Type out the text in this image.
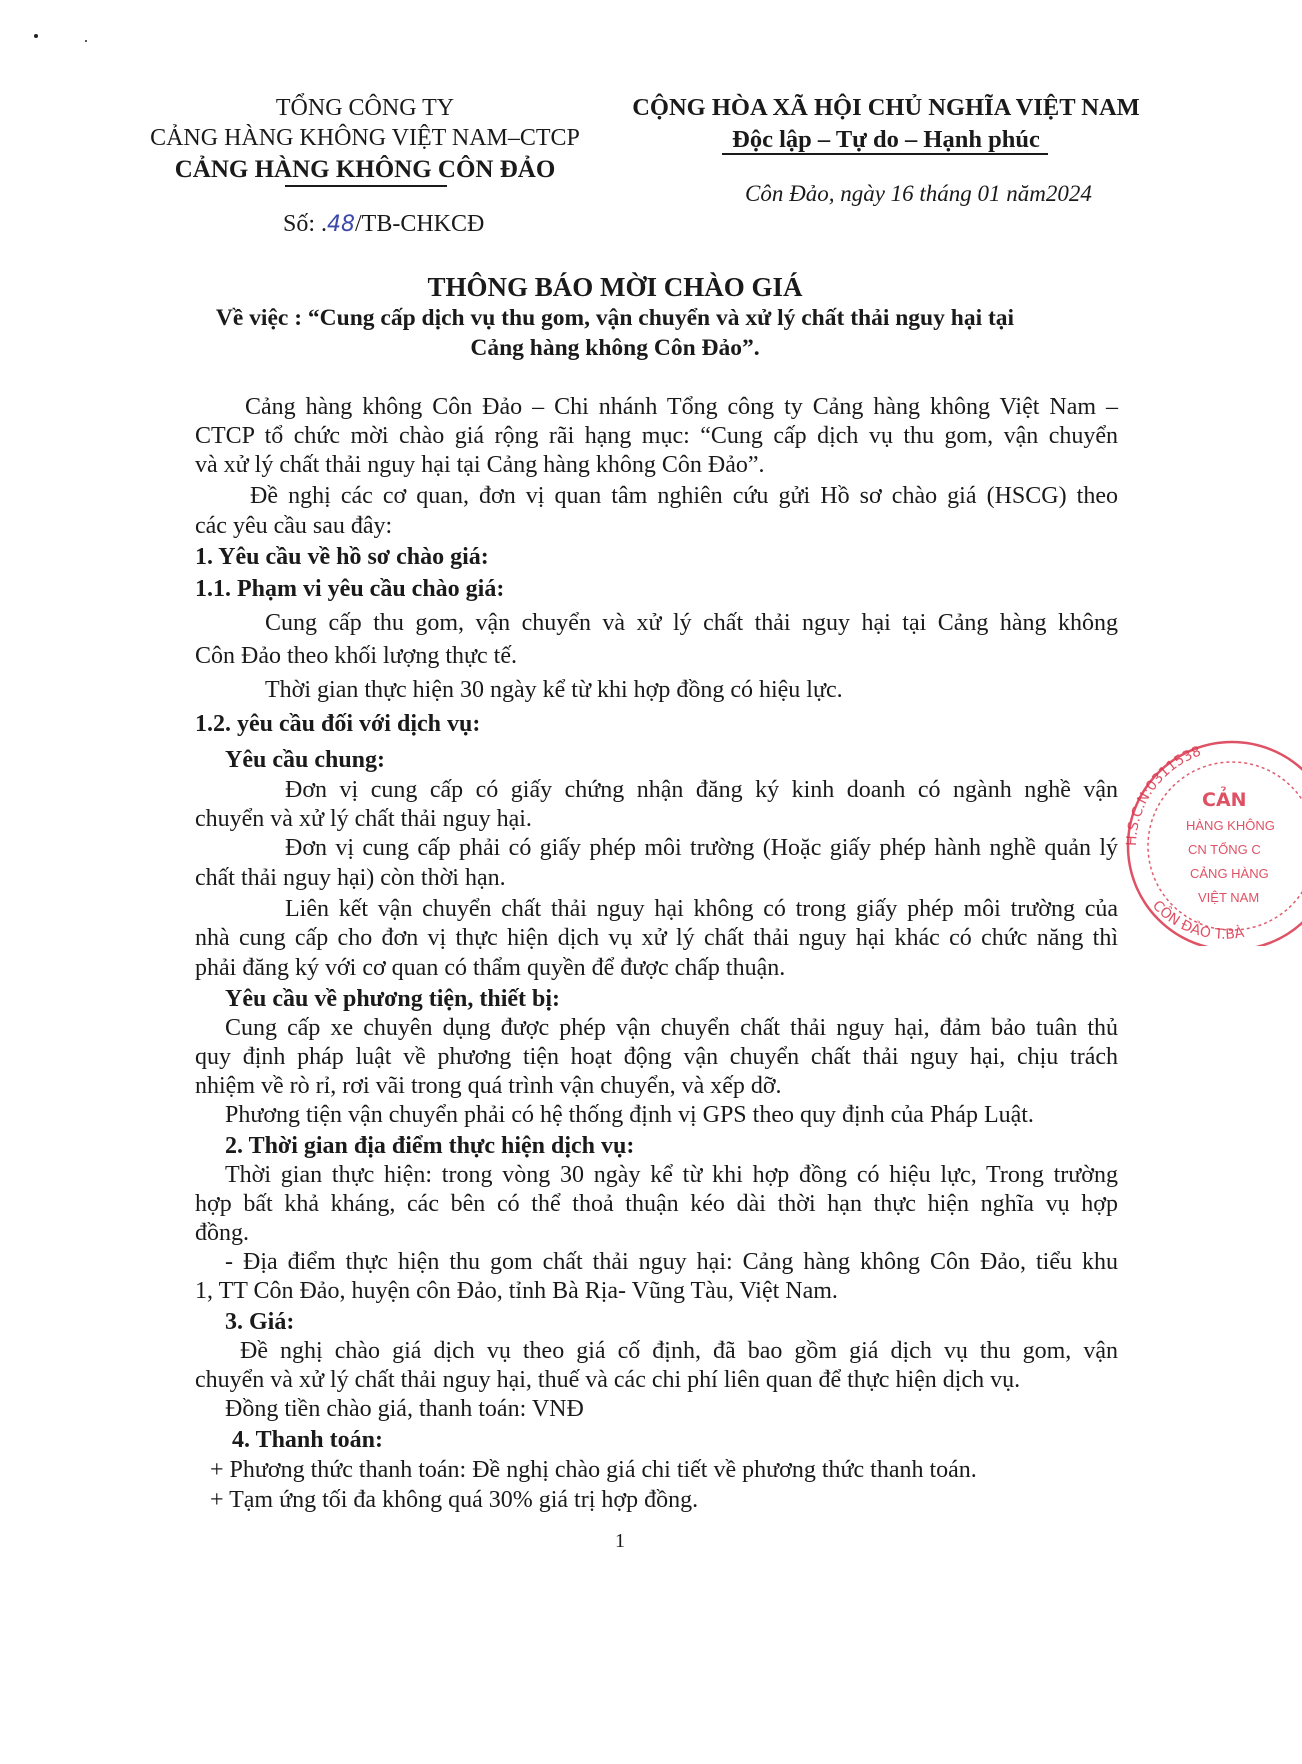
TỔNG CÔNG TY
CẢNG HÀNG KHÔNG VIỆT NAM–CTCP
CẢNG HÀNG KHÔNG CÔN ĐẢO
Số: .48/TB-CHKCĐ
CỘNG HÒA XÃ HỘI CHỦ NGHĨA VIỆT NAM
Độc lập – Tự do – Hạnh phúc
Côn Đảo, ngày 16 tháng 01 năm2024
THÔNG BÁO MỜI CHÀO GIÁ
Về việc : “Cung cấp dịch vụ thu gom, vận chuyển và xử lý chất thải nguy hại tại
Cảng hàng không Côn Đảo”.
Cảng hàng không Côn Đảo – Chi nhánh Tổng công ty Cảng hàng không Việt Nam –
CTCP tổ chức mời chào giá rộng rãi hạng mục: “Cung cấp dịch vụ thu gom, vận chuyển
và xử lý chất thải nguy hại tại Cảng hàng không Côn Đảo”.
Đề nghị các cơ quan, đơn vị quan tâm nghiên cứu gửi Hồ sơ chào giá (HSCG) theo
các yêu cầu sau đây:
1. Yêu cầu về hồ sơ chào giá:
1.1. Phạm vi yêu cầu chào giá:
Cung cấp thu gom, vận chuyển và xử lý chất thải nguy hại tại Cảng hàng không
Côn Đảo theo khối lượng thực tế.
Thời gian thực hiện 30 ngày kể từ khi hợp đồng có hiệu lực.
1.2. yêu cầu đối với dịch vụ:
Yêu cầu chung:
Đơn vị cung cấp có giấy chứng nhận đăng ký kinh doanh có ngành nghề vận
chuyển và xử lý chất thải nguy hại.
Đơn vị cung cấp phải có giấy phép môi trường (Hoặc giấy phép hành nghề quản lý
chất thải nguy hại) còn thời hạn.
Liên kết vận chuyển chất thải nguy hại không có trong giấy phép môi trường của
nhà cung cấp cho đơn vị thực hiện dịch vụ xử lý chất thải nguy hại khác có chức năng thì
phải đăng ký với cơ quan có thẩm quyền để được chấp thuận.
Yêu cầu về phương tiện, thiết bị:
Cung cấp xe chuyên dụng được phép vận chuyển chất thải nguy hại, đảm bảo tuân thủ
quy định pháp luật về phương tiện hoạt động vận chuyển chất thải nguy hại, chịu trách
nhiệm về rò rỉ, rơi vãi trong quá trình vận chuyển, và xếp dỡ.
Phương tiện vận chuyển phải có hệ thống định vị GPS theo quy định của Pháp Luật.
2. Thời gian địa điểm thực hiện dịch vụ:
Thời gian thực hiện: trong vòng 30 ngày kể từ khi hợp đồng có hiệu lực, Trong trường
hợp bất khả kháng, các bên có thể thoả thuận kéo dài thời hạn thực hiện nghĩa vụ hợp
đồng.
- Địa điểm thực hiện thu gom chất thải nguy hại: Cảng hàng không Côn Đảo, tiểu khu
1, TT Côn Đảo, huyện côn Đảo, tỉnh Bà Rịa- Vũng Tàu, Việt Nam.
3. Giá:
Đề nghị chào giá dịch vụ theo giá cố định, đã bao gồm giá dịch vụ thu gom, vận
chuyển và xử lý chất thải nguy hại, thuế và các chi phí liên quan để thực hiện dịch vụ.
Đồng tiền chào giá, thanh toán: VNĐ
4. Thanh toán:
+ Phương thức thanh toán: Đề nghị chào giá chi tiết về phương thức thanh toán.
+ Tạm ứng tối đa không quá 30% giá trị hợp đồng.
1
H.S.C.N:0311538
CÔN ĐẢO T.BÀ
CẢN
HÀNG KHÔNG
CN TỔNG C
CẢNG HÀNG
VIỆT NAM
